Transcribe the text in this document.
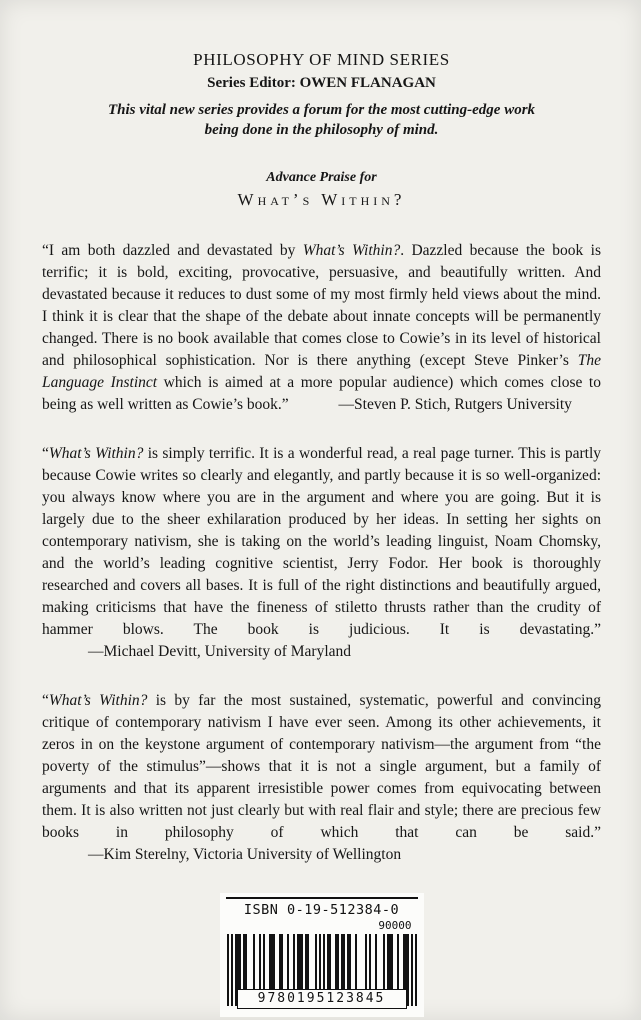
PHILOSOPHY OF MIND SERIES
Series Editor: OWEN FLANAGAN
This vital new series provides a forum for the most cutting-edge work being done in the philosophy of mind.
Advance Praise for
What’s Within?

“I am both dazzled and devastated by What’s Within?. Dazzled because the book is terrific; it is bold, exciting, provocative, persuasive, and beautifully written. And devastated because it reduces to dust some of my most firmly held views about the mind. I think it is clear that the shape of the debate about innate concepts will be permanently changed. There is no book available that comes close to Cowie’s in its level of historical and philosophical sophistication. Nor is there anything (except Steve Pinker’s The Language Instinct which is aimed at a more popular audience) which comes close to being as well written as Cowie’s book.”	—Steven P. Stich, Rutgers University

“What’s Within? is simply terrific. It is a wonderful read, a real page turner. This is partly because Cowie writes so clearly and elegantly, and partly because it is so well-organized: you always know where you are in the argument and where you are going. But it is largely due to the sheer exhilaration produced by her ideas. In setting her sights on contemporary nativism, she is taking on the world’s leading linguist, Noam Chomsky, and the world’s leading cognitive scientist, Jerry Fodor. Her book is thoroughly researched and covers all bases. It is full of the right distinctions and beautifully argued, making criticisms that have the fineness of stiletto thrusts rather than the crudity of hammer blows. The book is judicious. It is devastating.” —Michael Devitt, University of Maryland

“What’s Within? is by far the most sustained, systematic, powerful and convincing critique of contemporary nativism I have ever seen. Among its other achievements, it zeros in on the keystone argument of contemporary nativism—the argument from “the poverty of the stimulus”—shows that it is not a single argument, but a family of arguments and that its apparent irresistible power comes from equivocating between them. It is also written not just clearly but with real flair and style; there are precious few books in philosophy of which that can be said.” —Kim Sterelny, Victoria University of Wellington

ISBN 0-19-512384-0
90000
9780195123845
